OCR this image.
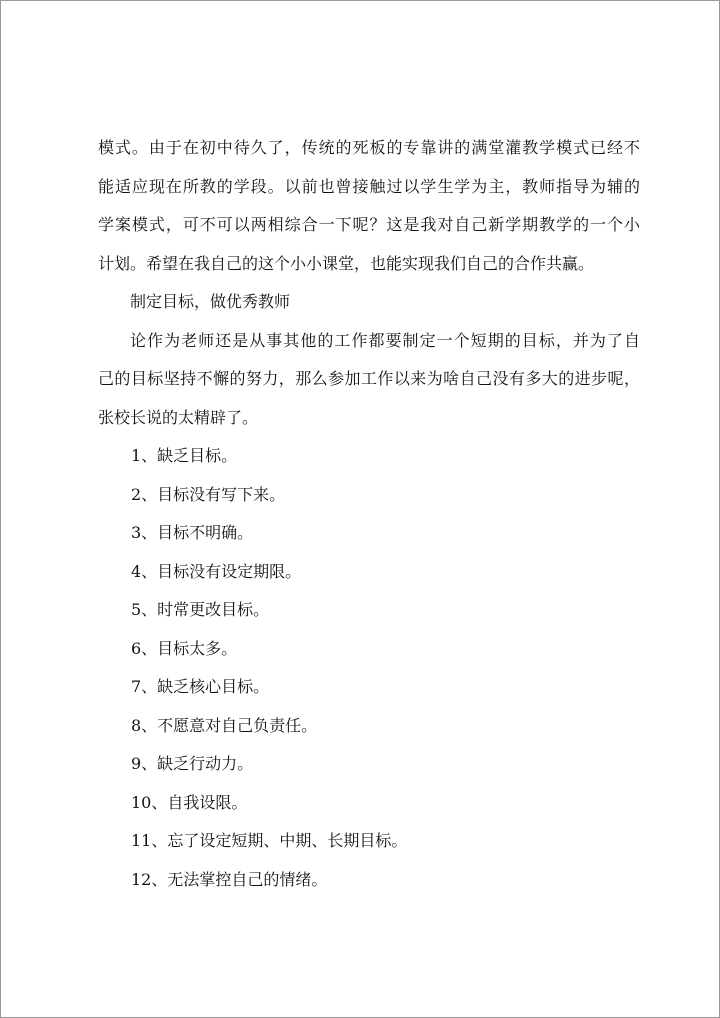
模式。由于在初中待久了，传统的死板的专靠讲的满堂灌教学模式已经不
能适应现在所教的学段。以前也曾接触过以学生学为主，教师指导为辅的
学案模式，可不可以两相综合一下呢？这是我对自己新学期教学的一个小
计划。希望在我自己的这个小小课堂，也能实现我们自己的合作共赢。
制定目标，做优秀教师
论作为老师还是从事其他的工作都要制定一个短期的目标，并为了自
己的目标坚持不懈的努力，那么参加工作以来为啥自己没有多大的进步呢，
张校长说的太精辟了。
1、缺乏目标。
2、目标没有写下来。
3、目标不明确。
4、目标没有设定期限。
5、时常更改目标。
6、目标太多。
7、缺乏核心目标。
8、不愿意对自己负责任。
9、缺乏行动力。
10、自我设限。
11、忘了设定短期、中期、长期目标。
12、无法掌控自己的情绪。
